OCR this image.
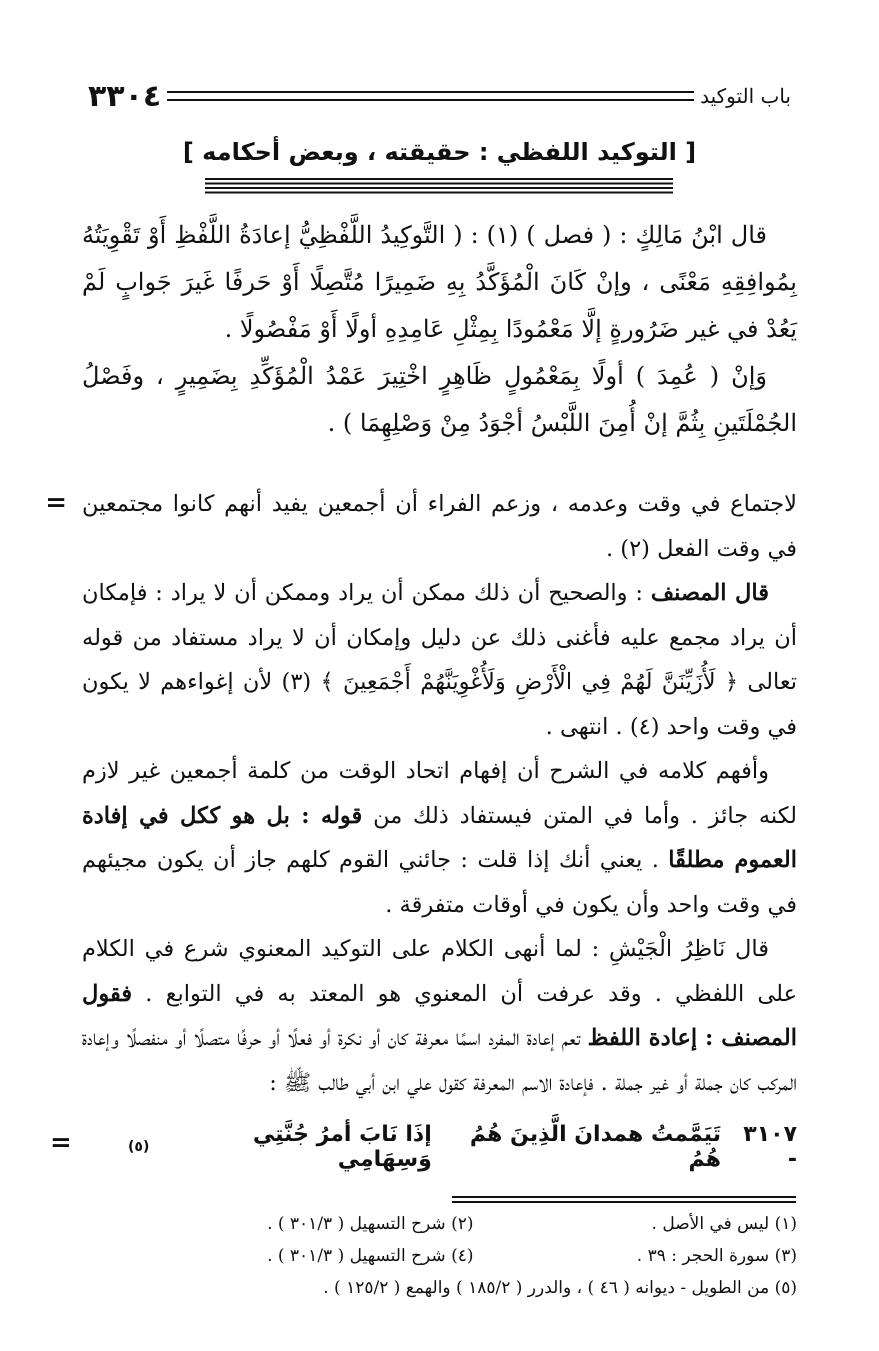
باب التوكيد
٣٣٠٤
[ التوكيد اللفظي : حقيقته ، وبعض أحكامه ]

قال ابْنُ مَالِكٍ : ( فصل ) (١) : ( التَّوكِيدُ اللَّفْظِيُّ إعادَةُ اللَّفْظِ أَوْ تَقْوِيَتُهُ بِمُوافِقِهِ مَعْنًى ، وإنْ كَانَ الْمُؤَكَّدُ بِهِ ضَمِيرًا مُتَّصِلًا أَوْ حَرفًا غَيرَ جَوابٍ لَمْ يَعُدْ في غير ضَرُورةٍ إلَّا مَعْمُودًا بِمِثْلِ عَامِدِهِ أولًا أَوْ مَفْصُولًا .

وَإنْ ( عُمِدَ ) أولًا بِمَعْمُولٍ ظَاهِرٍ اخْتِيرَ عَمْدُ الْمُؤَكِّدِ بِضَمِيرٍ ، وفَصْلُ الجُمْلَتَينِ بِثُمَّ إنْ أُمِنَ اللَّبْسُ أجْوَدُ مِنْ وَصْلِهِمَا ) .

= لاجتماع في وقت وعدمه ، وزعم الفراء أن أجمعين يفيد أنهم كانوا مجتمعين في وقت الفعل (٢) .

قال المصنف : والصحيح أن ذلك ممكن أن يراد وممكن أن لا يراد : فإمكان أن يراد مجمع عليه فأغنى ذلك عن دليل وإمكان أن لا يراد مستفاد من قوله تعالى ﴿ لَأُزَيِّنَنَّ لَهُمْ فِي الْأَرْضِ وَلَأُغْوِيَنَّهُمْ أَجْمَعِينَ ﴾ (٣) لأن إغواءهم لا يكون في وقت واحد (٤) . انتهى .

وأفهم كلامه في الشرح أن إفهام اتحاد الوقت من كلمة أجمعين غير لازم لكنه جائز . وأما في المتن فيستفاد ذلك من قوله : بل هو ككل في إفادة العموم مطلقًا . يعني أنك إذا قلت : جائني القوم كلهم جاز أن يكون مجيئهم في وقت واحد وأن يكون في أوقات متفرقة .

قال نَاظِرُ الْجَيْشِ : لما أنهى الكلام على التوكيد المعنوي شرع في الكلام على اللفظي . وقد عرفت أن المعنوي هو المعتد به في التوابع . فقول المصنف : إعادة اللفظ تعم إعادة المفرد اسمًا معرفة كان أو نكرة أو فعلًا أو حرفًا متصلًا أو منفصلًا وإعادة المركب كان جملة أو غير جملة . فإعادة الاسم المعرفة كقول علي ابن أبي طالب ﷺ :

٣١٠٧ -
تَيَمَّمتُ همدانَ الَّذِينَ هُمُ هُمُ
إذَا نَابَ أمرُ جُنَّتِي وَسِهَامِي
(٥)
=
(١) ليس في الأصل .
(٢) شرح التسهيل ( ٣٠١/٣ ) .
(٣) سورة الحجر : ٣٩ .
(٤) شرح التسهيل ( ٣٠١/٣ ) .
(٥) من الطويل - ديوانه ( ٤٦ ) ، والدرر ( ١٨٥/٢ ) والهمع ( ١٢٥/٢ ) .
